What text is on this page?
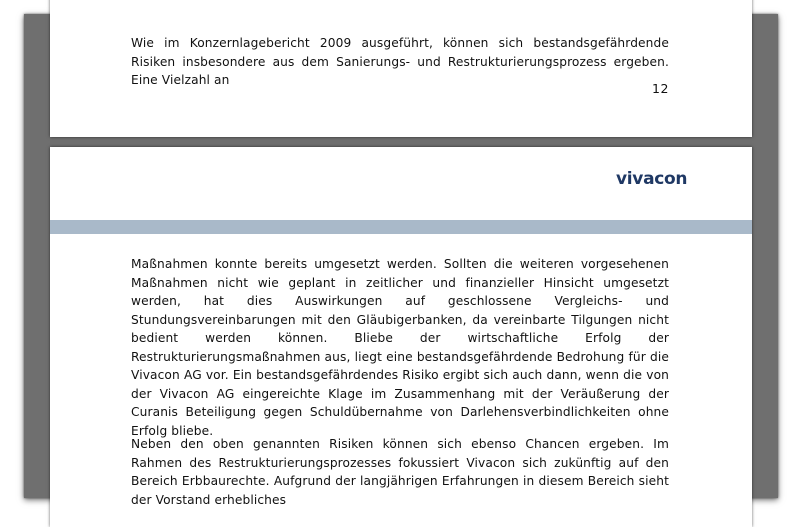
Wie im Konzernlagebericht 2009 ausgeführt, können sich bestandsgefährdende Risiken insbesondere aus dem Sanierungs- und Restrukturierungsprozess ergeben. Eine Vielzahl an

12
vivacon

Maßnahmen konnte bereits umgesetzt werden. Sollten die weiteren vorgesehenen Maßnahmen nicht wie geplant in zeitlicher und finanzieller Hinsicht umgesetzt werden, hat dies Auswirkungen auf geschlossene Vergleichs- und Stundungsvereinbarungen mit den Gläubigerbanken, da vereinbarte Tilgungen nicht bedient werden können. Bliebe der wirtschaftliche Erfolg der Restrukturierungsmaßnahmen aus, liegt eine bestandsgefährdende Bedrohung für die Vivacon AG vor. Ein bestandsgefährdendes Risiko ergibt sich auch dann, wenn die von der Vivacon AG eingereichte Klage im Zusammenhang mit der Veräußerung der Curanis Beteiligung gegen Schuldübernahme von Darlehensverbindlichkeiten ohne Erfolg bliebe.

Neben den oben genannten Risiken können sich ebenso Chancen ergeben. Im Rahmen des Restrukturierungsprozesses fokussiert Vivacon sich zukünftig auf den Bereich Erbbaurechte. Aufgrund der langjährigen Erfahrungen in diesem Bereich sieht der Vorstand erhebliches
